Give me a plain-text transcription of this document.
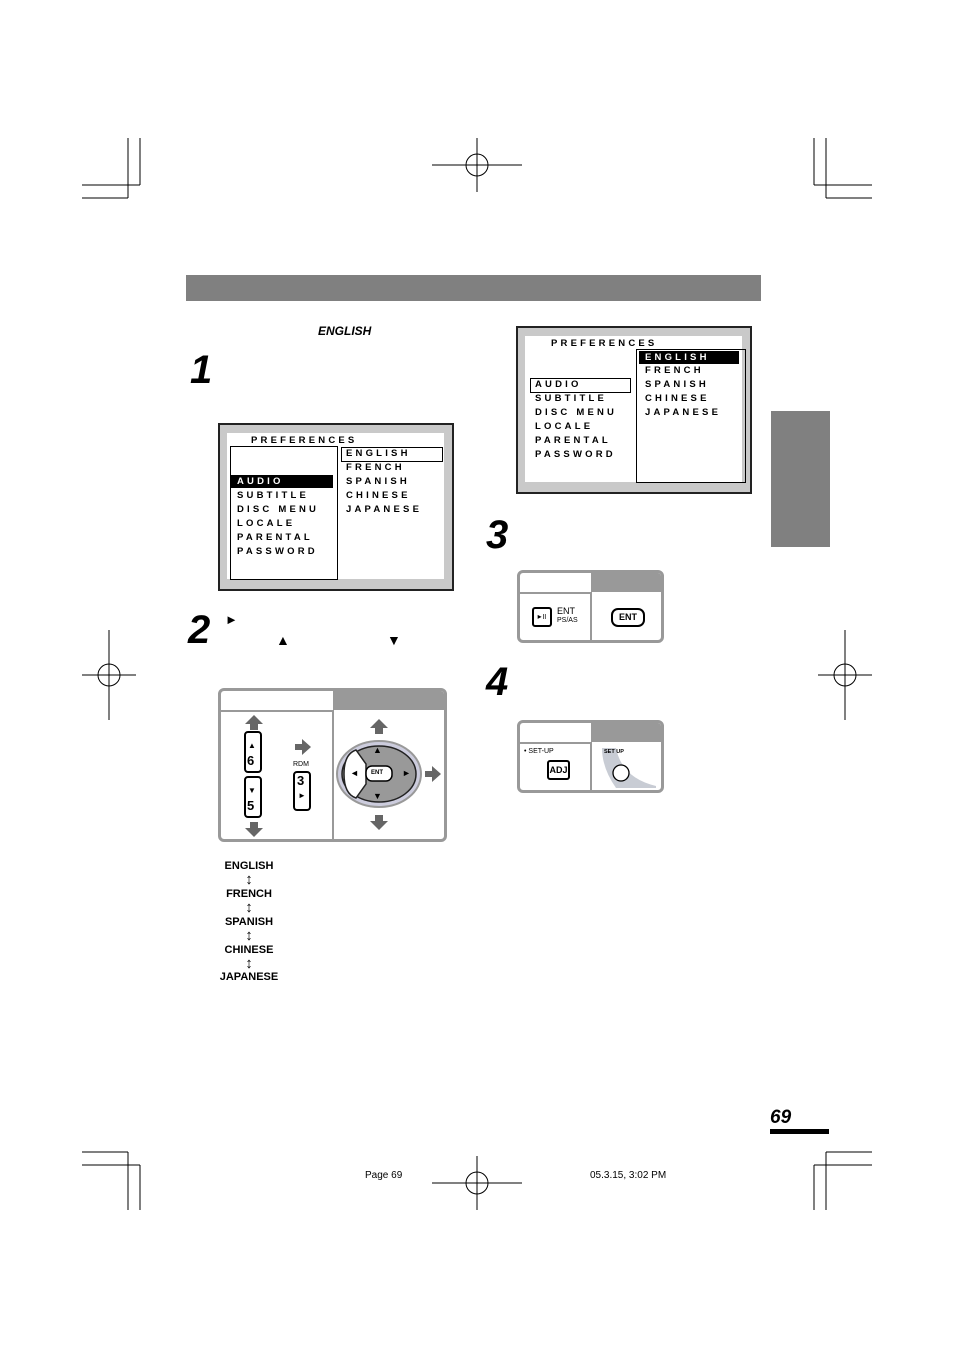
ENGLISH
1
2
3
4
PREFERENCES
AUDIO
SUBTITLE
DISC MENU
LOCALE
PARENTAL
PASSWORD
ENGLISH
FRENCH
SPANISH
CHINESE
JAPANESE
PREFERENCES
ENGLISH
FRENCH
SPANISH
CHINESE
JAPANESE
AUDIO
SUBTITLE
DISC MENU
LOCALE
PARENTAL
PASSWORD
►
▲	▼
▲
6
▼
5
RDM
3
►
▲
▼
◄	►
ENT
▸॥
ENT
PS/AS	ENT
• SET-UP
ADJ
SET UP
ENGLISH
↕
FRENCH
↕
SPANISH
↕
CHINESE
↕
JAPANESE
69
Page 69	05.3.15, 3:02 PM
